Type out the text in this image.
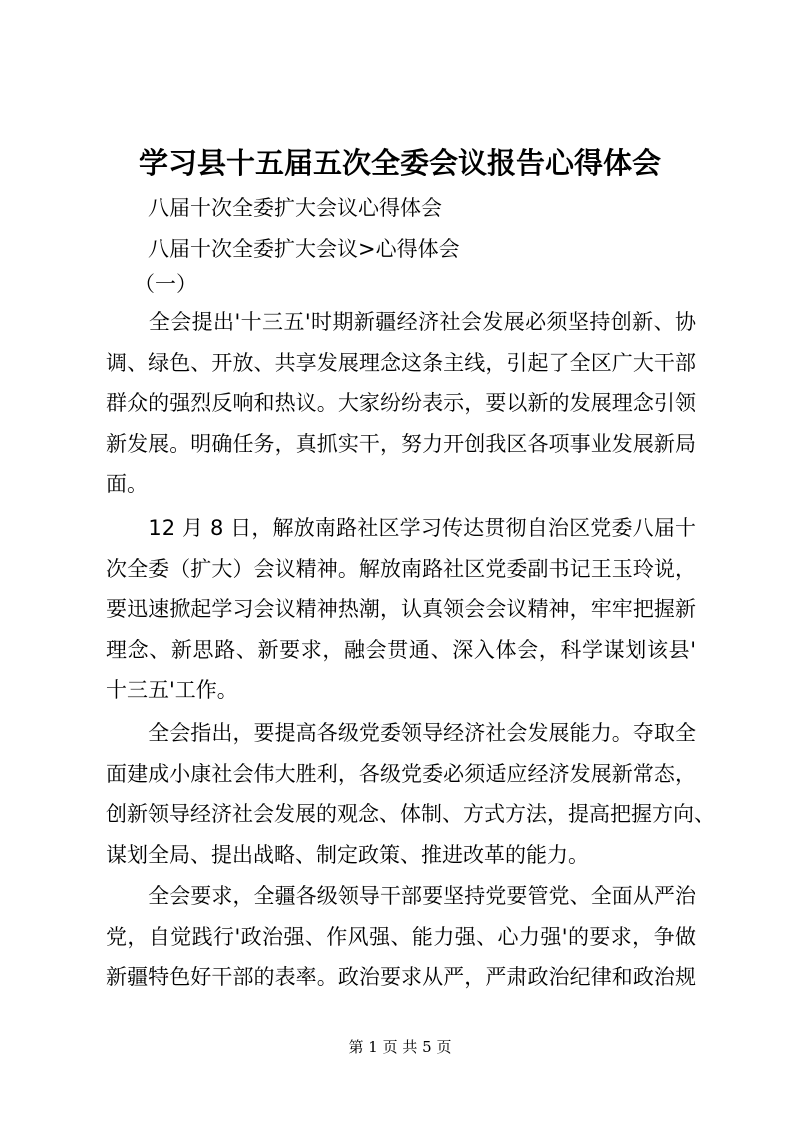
学习县十五届五次全委会议报告心得体会

八届十次全委扩大会议心得体会

八届十次全委扩大会议>心得体会

（一）

　　全会提出'十三五'时期新疆经济社会发展必须坚持创新、协
调、绿色、开放、共享发展理念这条主线，引起了全区广大干部
群众的强烈反响和热议。大家纷纷表示，要以新的发展理念引领
新发展。明确任务，真抓实干，努力开创我区各项事业发展新局
面。
　　12 月 8 日，解放南路社区学习传达贯彻自治区党委八届十
次全委（扩大）会议精神。解放南路社区党委副书记王玉玲说，
要迅速掀起学习会议精神热潮，认真领会会议精神，牢牢把握新
理念、新思路、新要求，融会贯通、深入体会，科学谋划该县'
十三五'工作。
　　全会指出，要提高各级党委领导经济社会发展能力。夺取全
面建成小康社会伟大胜利，各级党委必须适应经济发展新常态，
创新领导经济社会发展的观念、体制、方式方法，提高把握方向、
谋划全局、提出战略、制定政策、推进改革的能力。
　　全会要求，全疆各级领导干部要坚持党要管党、全面从严治
党，自觉践行'政治强、作风强、能力强、心力强'的要求，争做
新疆特色好干部的表率。政治要求从严，严肃政治纪律和政治规

第 1 页 共 5 页
